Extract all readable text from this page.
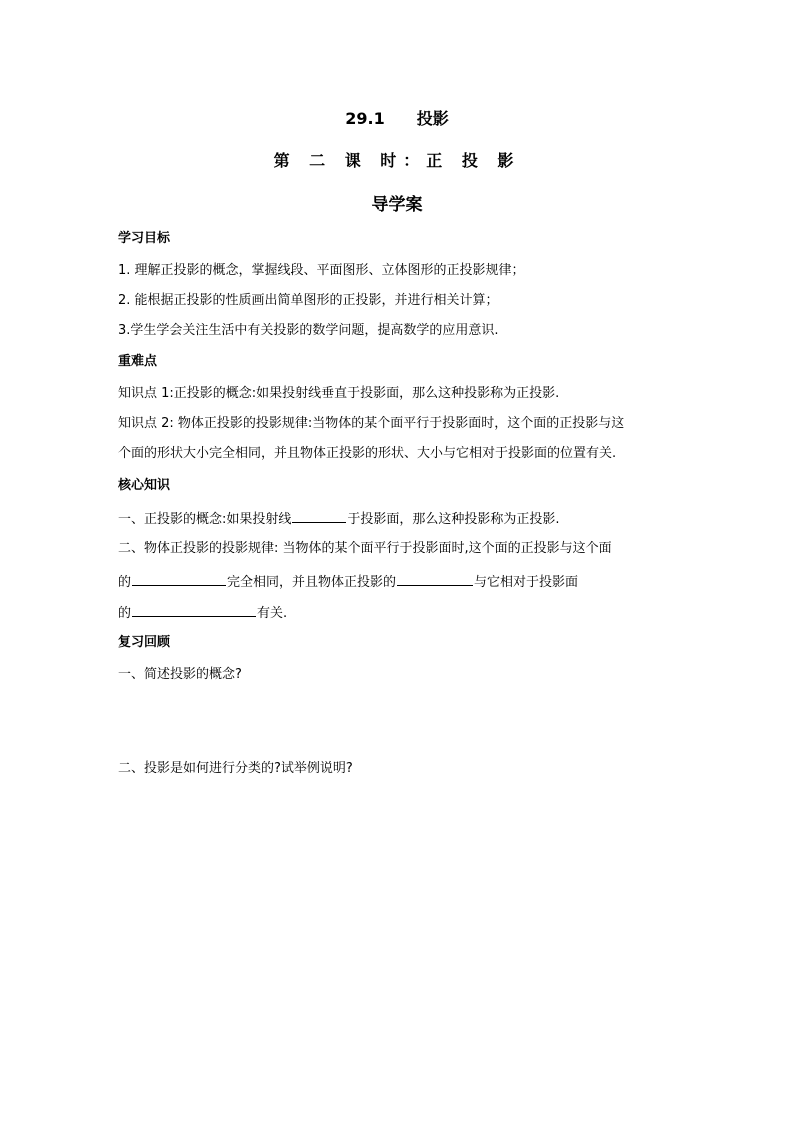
29.1　　投影
第 二 课 时：正 投 影
导学案
学习目标
1. 理解正投影的概念，掌握线段、平面图形、立体图形的正投影规律；
2. 能根据正投影的性质画出简单图形的正投影，并进行相关计算；
3.学生学会关注生活中有关投影的数学问题，提高数学的应用意识.
重难点
知识点 1:正投影的概念:如果投射线垂直于投影面，那么这种投影称为正投影.
知识点 2: 物体正投影的投影规律:当物体的某个面平行于投影面时，这个面的正投影与这
个面的形状大小完全相同，并且物体正投影的形状、大小与它相对于投影面的位置有关.
核心知识
一、正投影的概念:如果投射线	于投影面，那么这种投影称为正投影.
二、物体正投影的投影规律: 当物体的某个面平行于投影面时,这个面的正投影与这个面
的	完全相同，并且物体正投影的	与它相对于投影面
的	有关.
复习回顾
一、简述投影的概念?
二、投影是如何进行分类的?试举例说明?
